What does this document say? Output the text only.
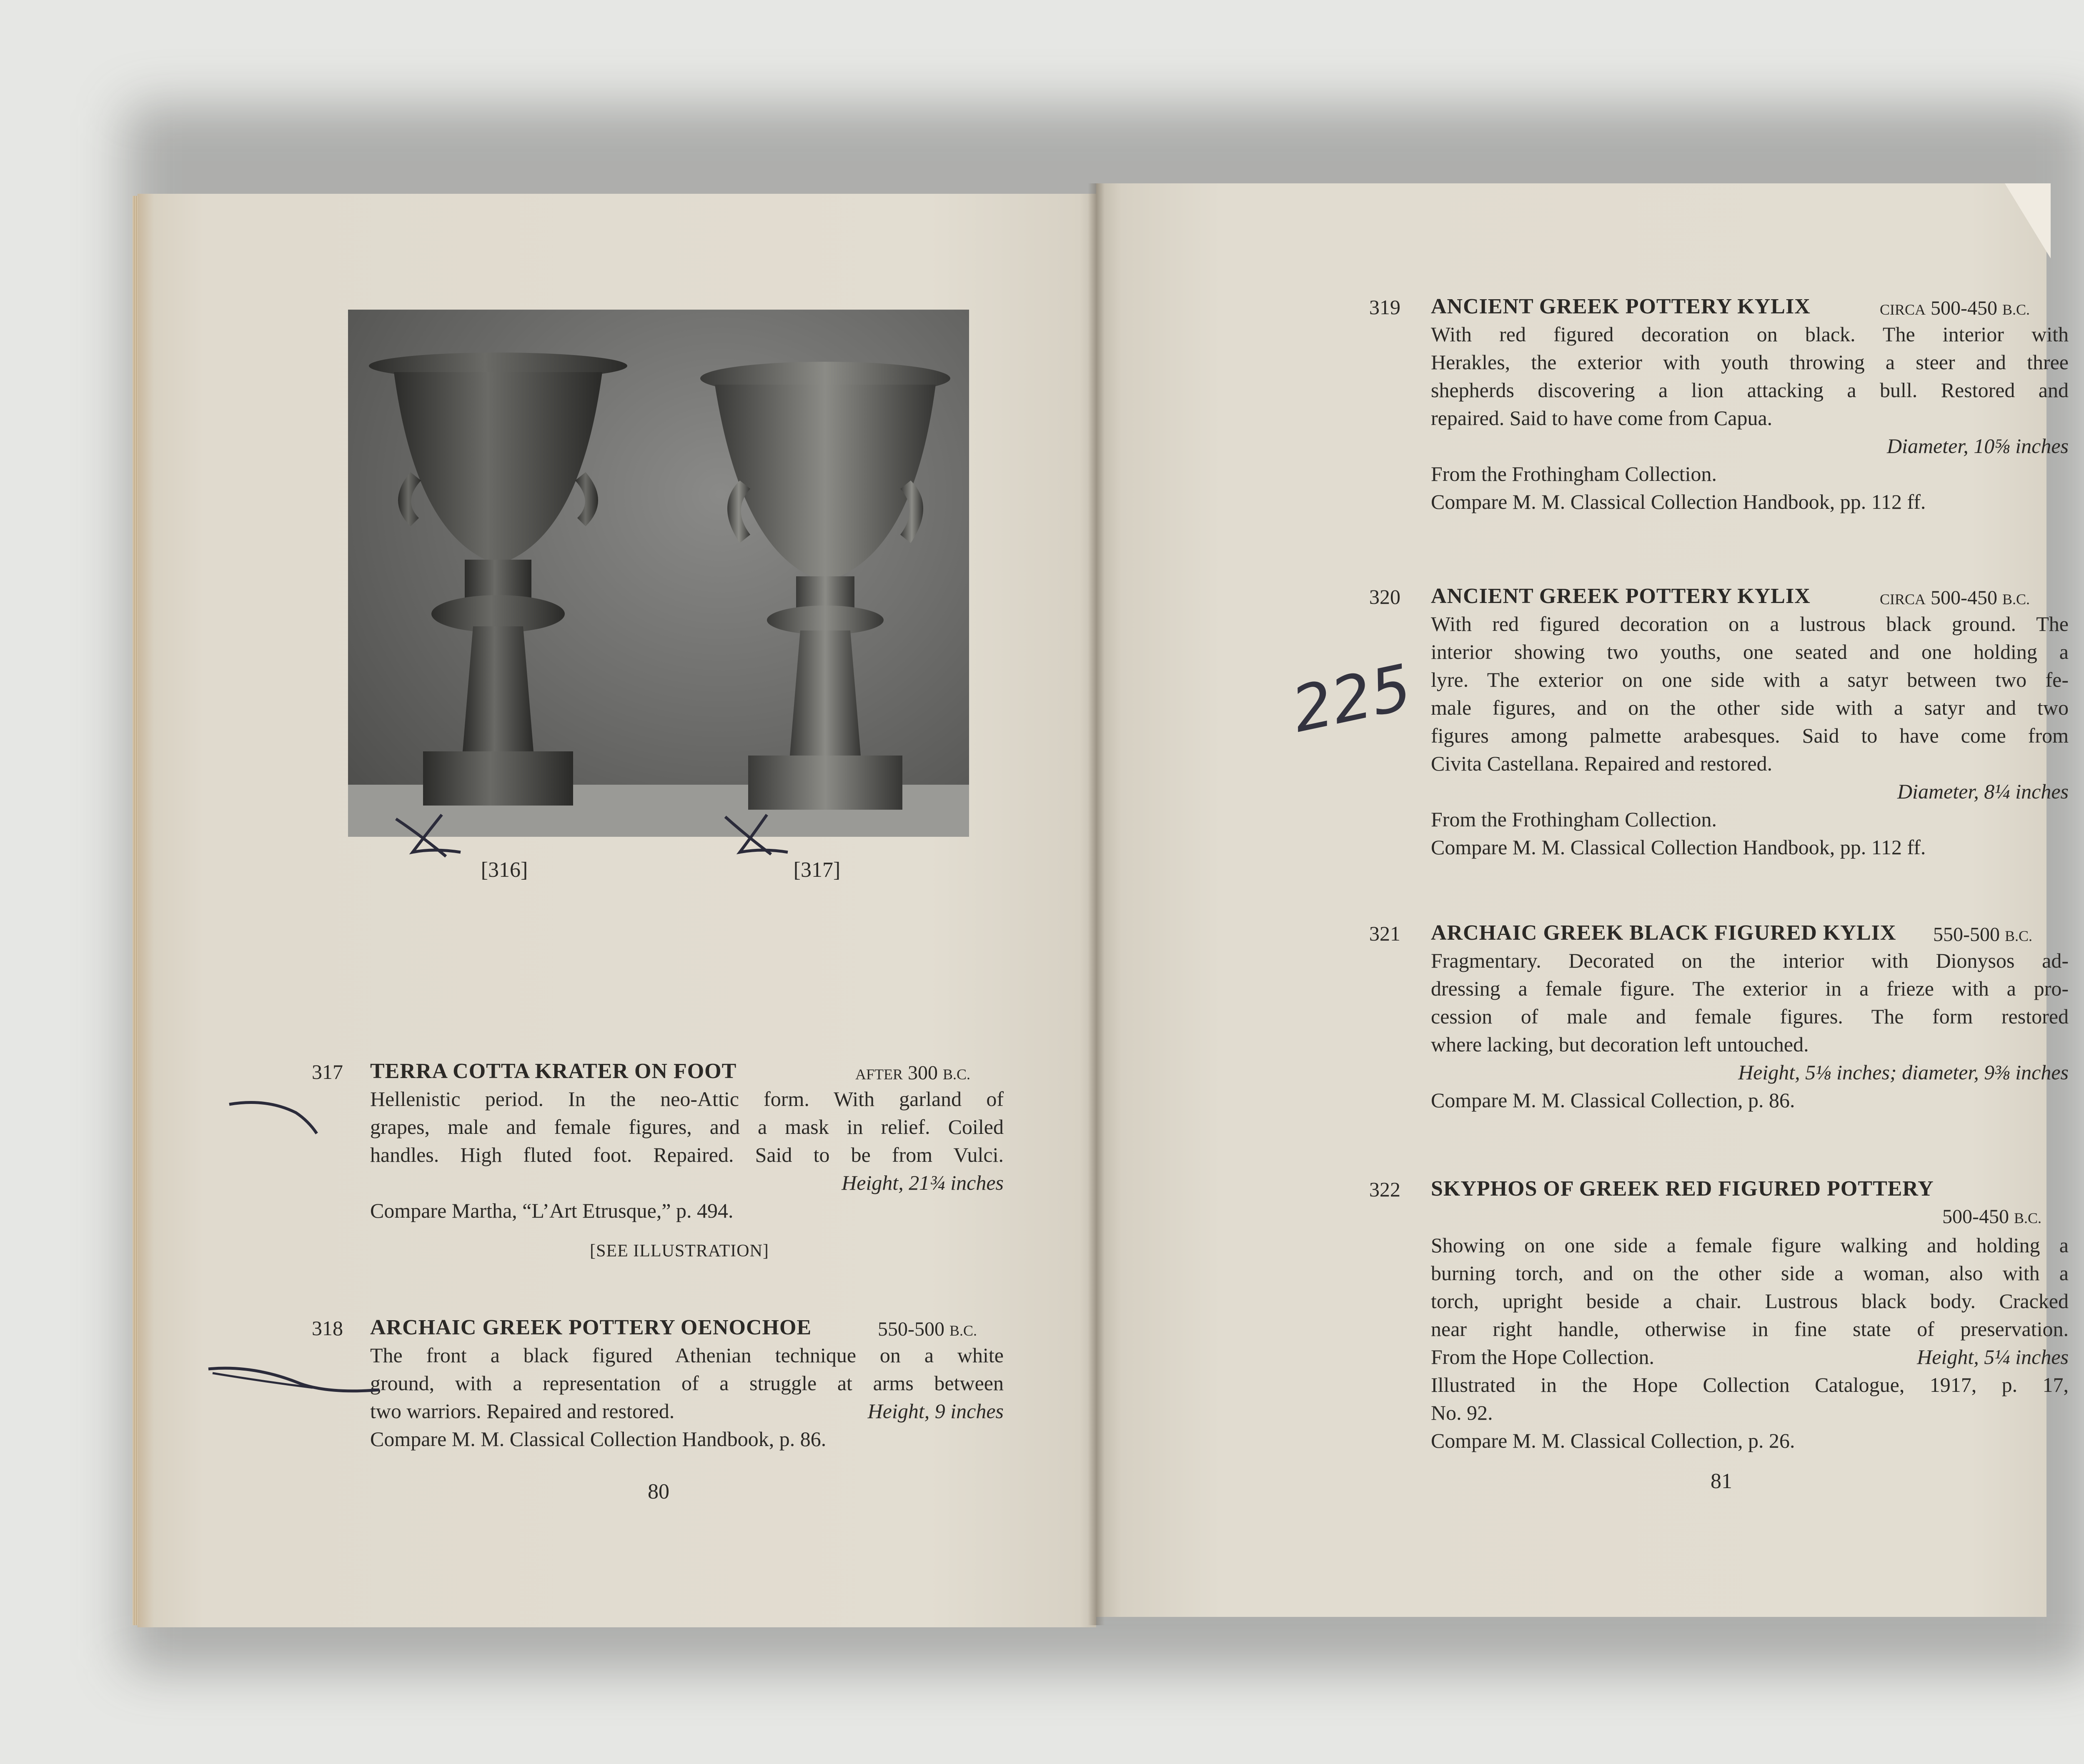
[316]	[317]
317 TERRA COTTA KRATER ON FOOT	AFTER 300 B.C.
Hellenistic period. In the neo-Attic form. With garland of
grapes, male and female figures, and a mask in relief. Coiled
handles. High fluted foot. Repaired. Said to be from Vulci.
Height, 21¾ inches
Compare Martha, “L’Art Etrusque,” p. 494.
[SEE ILLUSTRATION]
318 ARCHAIC GREEK POTTERY OENOCHOE	550-500 B.C.
The front a black figured Athenian technique on a white
ground, with a representation of a struggle at arms between
two warriors. Repaired and restored.	Height, 9 inches
Compare M. M. Classical Collection Handbook, p. 86.
80
319 ANCIENT GREEK POTTERY KYLIX	CIRCA 500-450 B.C.
With red figured decoration on black. The interior with
Herakles, the exterior with youth throwing a steer and three
shepherds discovering a lion attacking a bull. Restored and
repaired. Said to have come from Capua.
Diameter, 10⅝ inches
From the Frothingham Collection.
Compare M. M. Classical Collection Handbook, pp. 112 ff.
320 ANCIENT GREEK POTTERY KYLIX	CIRCA 500-450 B.C.
With red figured decoration on a lustrous black ground. The
interior showing two youths, one seated and one holding a
lyre. The exterior on one side with a satyr between two fe-
male figures, and on the other side with a satyr and two
figures among palmette arabesques. Said to have come from
Civita Castellana. Repaired and restored.
Diameter, 8¼ inches
From the Frothingham Collection.
Compare M. M. Classical Collection Handbook, pp. 112 ff.
225
321 ARCHAIC GREEK BLACK FIGURED KYLIX 550-500 B.C.
Fragmentary. Decorated on the interior with Dionysos ad-
dressing a female figure. The exterior in a frieze with a pro-
cession of male and female figures. The form restored
where lacking, but decoration left untouched.
Height, 5⅛ inches; diameter, 9⅜ inches
Compare M. M. Classical Collection, p. 86.
322 SKYPHOS OF GREEK RED FIGURED POTTERY
500-450 B.C.
Showing on one side a female figure walking and holding a
burning torch, and on the other side a woman, also with a
torch, upright beside a chair. Lustrous black body. Cracked
near right handle, otherwise in fine state of preservation.
From the Hope Collection.	Height, 5¼ inches
Illustrated in the Hope Collection Catalogue, 1917, p. 17,
No. 92.
Compare M. M. Classical Collection, p. 26.
81
